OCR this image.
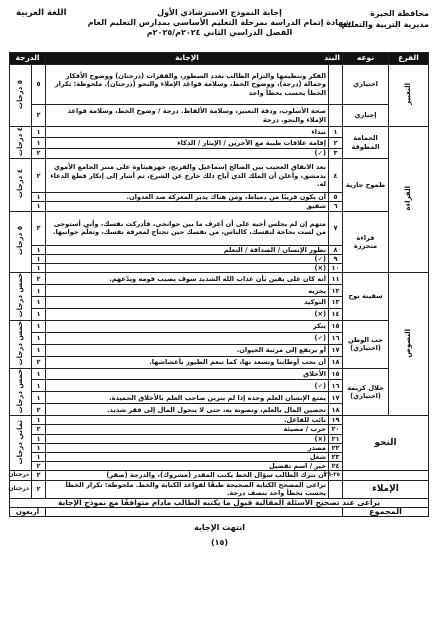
محافظة الجيزة
مديرية التربية والتعليم
إجابة النموذج الاسترشادي الأول
شهادة إتمام الدراسة بمرحلة التعليم الأساسي بمدارس التعليم العام
الفصل الدراسي الثاني ٢٠٢٤م/٢٠٢٥م
اللغة العربية
الفرع	نوعه	البند	الإجابة	الدرجة	
التعبير	اختياري		الفكر وتنظيمها والتزام الطالب بعدد السطور، والفقرات (درجتان) ووضوح الأفكار وجمالة (درجة)، ووضوح الخط، وسلامة قواعد الإملاء والنحو (درجتان). ملحوظة: تكرار الخطأ يحسب بخطأ واحد	٥	٥ درجات
	إجباري		صحة الأسلوب، ودقة التعبير، وسلامة الألفاظ. درجة / وضوح الخط، وسلامة قواعد الإملاء والنحو. درجة	٢	
القراءة	الحمامة المطوقة	١	بيداء	١	٤ درجات
		٢	إقامة علاقات طيبة مع الآخرين / الإيثار / الذكاء	١	
		٣	(✓)	٢	
	طموح جارية	٤	بعد الاتفاق العجيب بين الصالح إسماعيل والفرنج، جهرهيثاوة على منبر الجامع الأموي بدمشق، وأعلن أن الملك الذي أباح ذلك خارج عن الشرع، ثم أشار إلى إنكار قطع الدعاء له.	٢	٤ درجات
		٥	أن يكون قريبًا من دمياط، ومن هناك يدير المعركة ضد العدوان.	١	
		٦	شفيق	١	
	قراءة متحررة	٧	متهم إن لم يجلس أخيه على أن أعرف ما بين جوانحي، فأدركت نفسك، وأني أستوحى من لست بحاجة لنفسك، كالناس، من نفسك حين تحتاج لمعرفة نفسك، وتعلّم جوانبها.	٢	٥ درجات
		٨	تطور الإنسان / الصداقة / التعلم	١	
		٩	(✓)	١	
		١٠	(×)	١	
النصوص	سفينة نوح	١١	أنه كان على يقين بأن عذاب الله الشديد سوف يصيب قومه ويدّعهم.	٢	خمس درجات
		١٢	يخزيه	١	
		١٣	التوكيد	١	
		١٤	(×)	١	
	حب الوطن (اختياري)	١٥	ينكر	١	خمس درجات
		١٦	(✓)	١	
		١٧	أو يرتفع إلى مرتبة الحيوان.	١	
		١٨	أن نحب أوطاننا وتسعد بها، كما تنعم الطيور بأعشاشها.	٢	
	خلال كريمة (اختياري)	١٥	الأخلاق	١	خمس درجات
		١٦	(✓)	١	
		١٧	يمتع الإنسان العلم وحده إذا لم يتزين صاحب العلم بالأخلاق الحميدة.	١	
		١٨	تحصين المال بالعلم، وتصونه به، حتى لا يتحول المال إلى فقر شديد.	٢	
النحو		١٩	نائب للفاعل.	١	ثماني درجات
		٢٠	حرب / مضيئة	٢	
		٢١	(×)	١	
		٢٢	مصدر	١	
		٢٣	شغل	١	
		٢٤	خير / اسم تفضيل	٢	
		٢٥-٢٦	أن تترك الطالب سؤال الخط يكتب المقدر (مشروك)، والدرجة (صفر)	٢	درجتان
الإملاء			تراعى المصحح الكتابة الصحيحة طبقًا لقواعد الكتابة والخط. ملحوظة: تكرار الخطأ يحسب بخطأ واحد بنصف درجة.	٢	درجتان
يراعى عند تصحيح الأسئلة المقالية قبول ما يكتبه الطالب مادام متوافقًا مع نموذج الإجابة					
المجموع				أربعون	
انتهت الإجابة
(١٥)
